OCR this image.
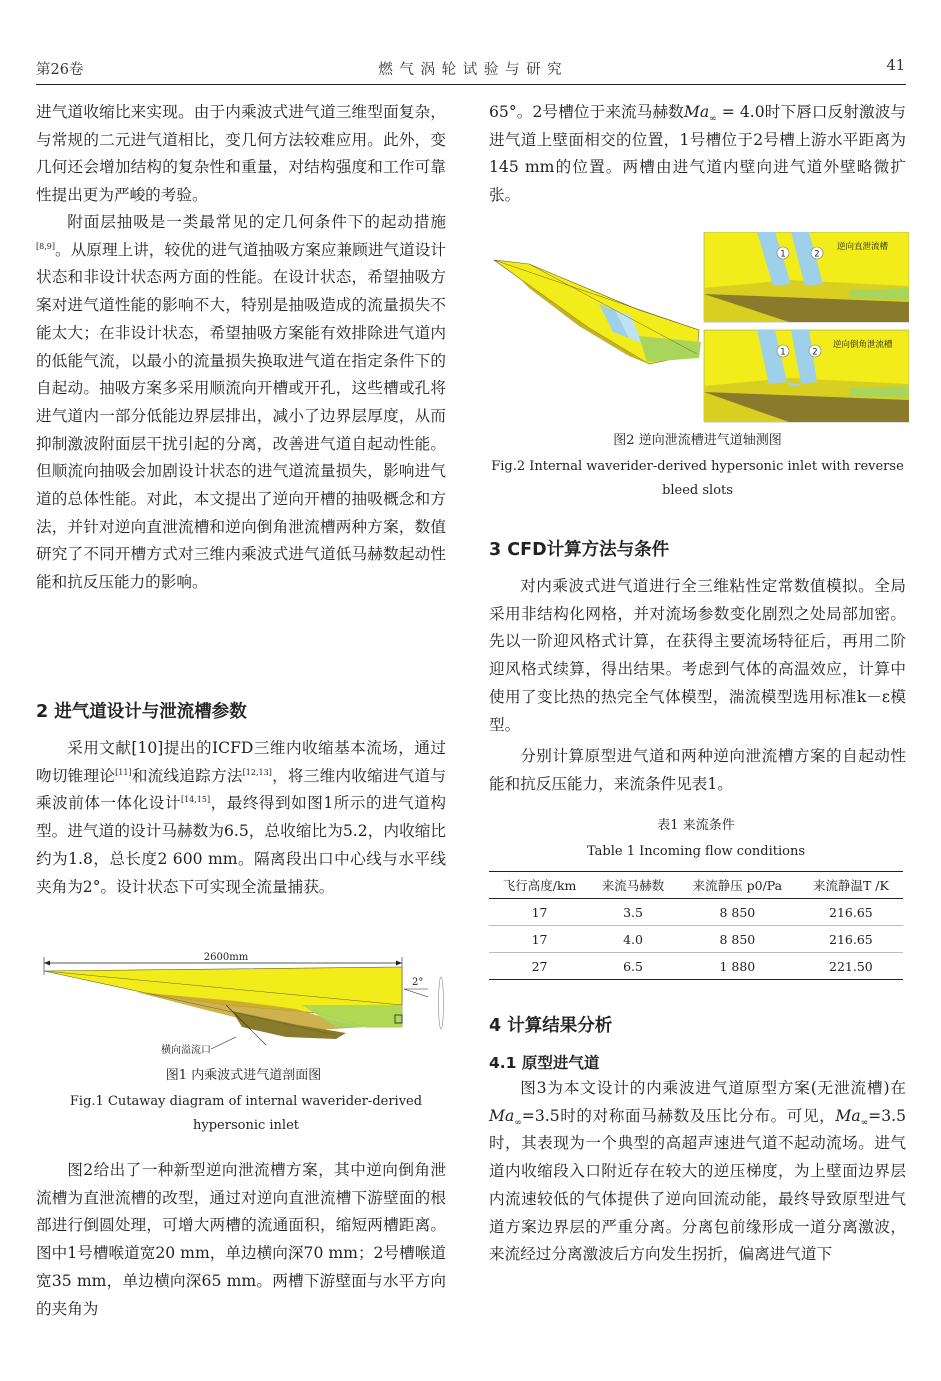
第26卷	燃 气 涡 轮 试 验 与 研 究	41

进气道收缩比来实现。由于内乘波式进气道三维型面复杂，与常规的二元进气道相比，变几何方法较难应用。此外，变几何还会增加结构的复杂性和重量，对结构强度和工作可靠性提出更为严峻的考验。

附面层抽吸是一类最常见的定几何条件下的起动措施[8,9]。从原理上讲，较优的进气道抽吸方案应兼顾进气道设计状态和非设计状态两方面的性能。在设计状态，希望抽吸方案对进气道性能的影响不大，特别是抽吸造成的流量损失不能太大；在非设计状态，希望抽吸方案能有效排除进气道内的低能气流，以最小的流量损失换取进气道在指定条件下的自起动。抽吸方案多采用顺流向开槽或开孔，这些槽或孔将进气道内一部分低能边界层排出，减小了边界层厚度，从而抑制激波附面层干扰引起的分离，改善进气道自起动性能。但顺流向抽吸会加剧设计状态的进气道流量损失，影响进气道的总体性能。对此，本文提出了逆向开槽的抽吸概念和方法，并针对逆向直泄流槽和逆向倒角泄流槽两种方案，数值研究了不同开槽方式对三维内乘波式进气道低马赫数起动性能和抗反压能力的影响。

2 进气道设计与泄流槽参数

采用文献[10]提出的ICFD三维内收缩基本流场，通过吻切锥理论[11]和流线追踪方法[12,13]，将三维内收缩进气道与乘波前体一体化设计[14,15]，最终得到如图1所示的进气道构型。进气道的设计马赫数为6.5，总收缩比为5.2，内收缩比约为1.8，总长度2 600 mm。隔离段出口中心线与水平线夹角为2°。设计状态下可实现全流量捕获。

2600mm
2°
横向溢流口

图1 内乘波式进气道剖面图

Fig.1 Cutaway diagram of internal waverider-derived hypersonic inlet

图2给出了一种新型逆向泄流槽方案，其中逆向倒角泄流槽为直泄流槽的改型，通过对逆向直泄流槽下游壁面的根部进行倒圆处理，可增大两槽的流通面积，缩短两槽距离。图中1号槽喉道宽20 mm，单边横向深70 mm；2号槽喉道宽35 mm，单边横向深65 mm。两槽下游壁面与水平方向的夹角为

65°。2号槽位于来流马赫数$Ma_\infty = 4.0$时下唇口反射激波与进气道上壁面相交的位置，1号槽位于2号槽上游水平距离为145 mm的位置。两槽由进气道内壁向进气道外壁略微扩张。

1	2
逆向直泄流槽
1	2
逆向倒角泄流槽

图2 逆向泄流槽进气道轴测图

Fig.2 Internal waverider-derived hypersonic inlet with reverse bleed slots

3 CFD计算方法与条件

对内乘波式进气道进行全三维粘性定常数值模拟。全局采用非结构化网格，并对流场参数变化剧烈之处局部加密。先以一阶迎风格式计算，在获得主要流场特征后，再用二阶迎风格式续算，得出结果。考虑到气体的高温效应，计算中使用了变比热的热完全气体模型，湍流模型选用标准k－ε模型。

分别计算原型进气道和两种逆向泄流槽方案的自起动性能和抗反压能力，来流条件见表1。

表1 来流条件

Table 1 Incoming flow conditions

飞行高度/km	来流马赫数	来流静压 p0/Pa	来流静温T /K
17	3.5	8 850	216.65
17	4.0	8 850	216.65
27	6.5	1 880	221.50
4 计算结果分析
4.1 原型进气道

图3为本文设计的内乘波进气道原型方案(无泄流槽)在$Ma_\infty=3.5$时的对称面马赫数及压比分布。可见，$Ma_\infty=3.5$时，其表现为一个典型的高超声速进气道不起动流场。进气道内收缩段入口附近存在较大的逆压梯度，为上壁面边界层内流速较低的气体提供了逆向回流动能，最终导致原型进气道方案边界层的严重分离。分离包前缘形成一道分离激波，来流经过分离激波后方向发生拐折，偏离进气道下
